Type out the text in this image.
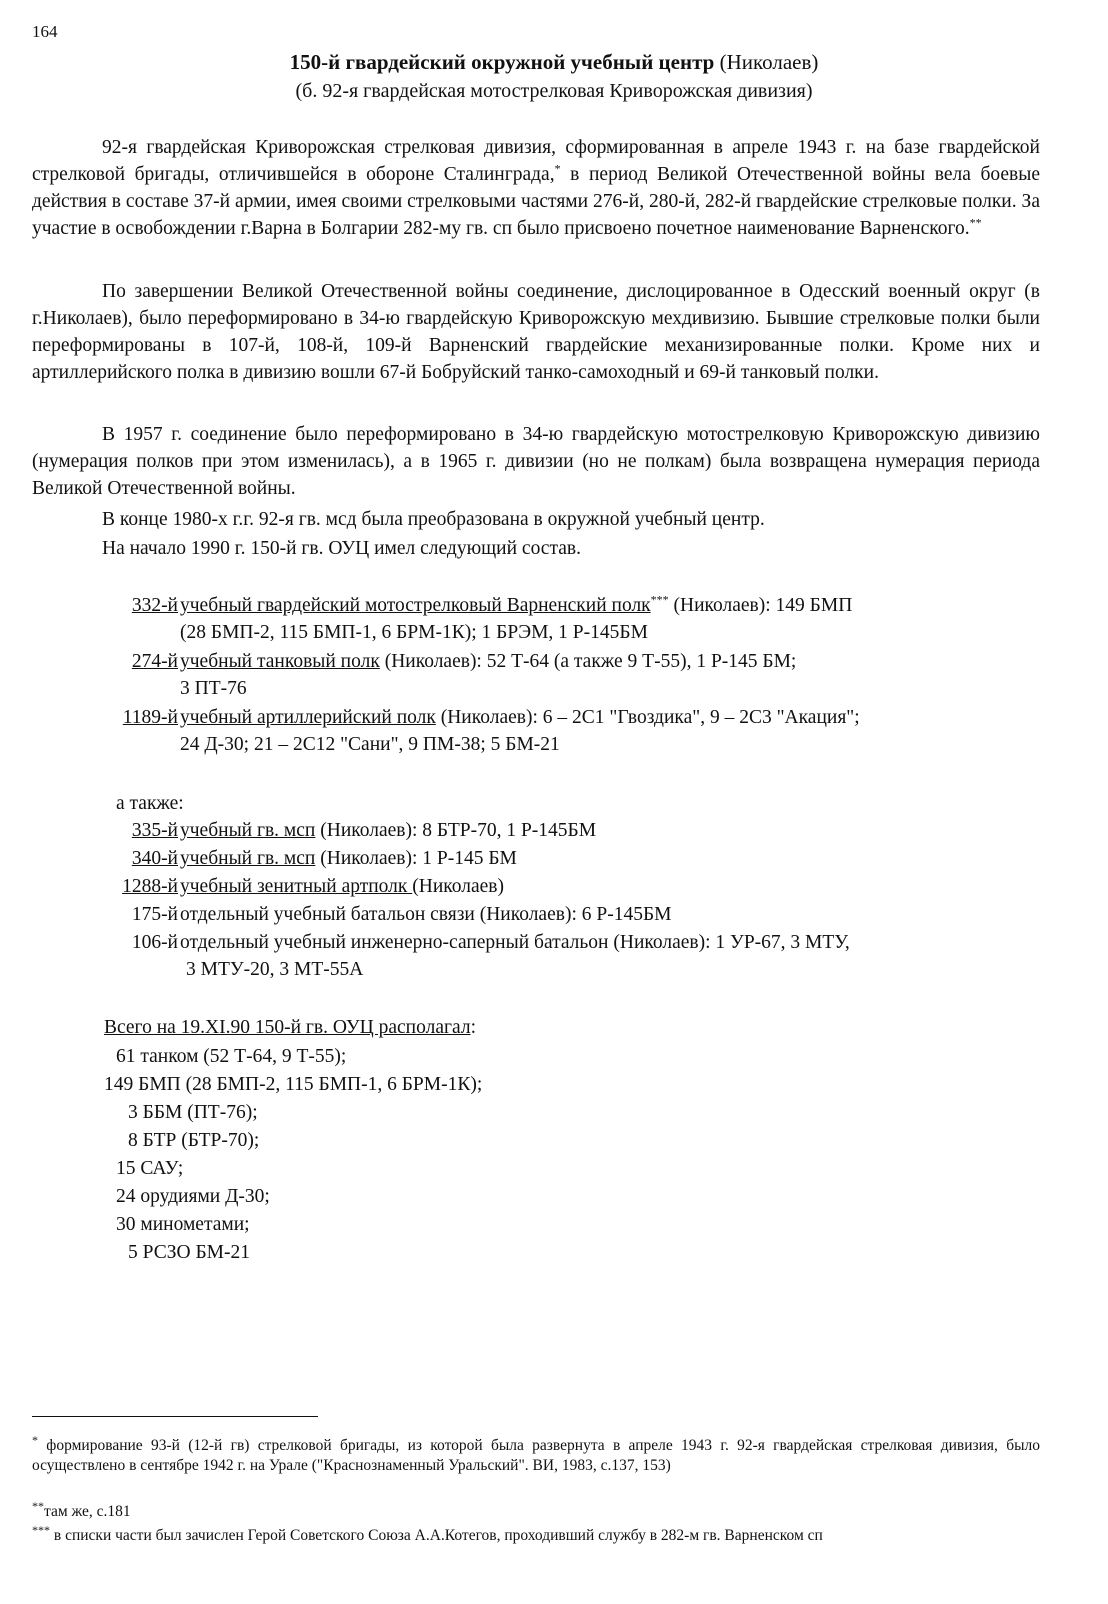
164
150-й гвардейский окружной учебный центр (Николаев)
(б. 92-я гвардейская мотострелковая Криворожская дивизия)

92-я гвардейская Криворожская стрелковая дивизия, сформированная в апреле 1943 г. на базе гвардейской стрелковой бригады, отличившейся в обороне Сталинграда,* в период Великой Отечественной войны вела боевые действия в составе 37-й армии, имея своими стрелковыми частями 276-й, 280-й, 282-й гвардейские стрелковые полки. За участие в освобождении г.Варна в Болгарии 282-му гв. сп было присвоено почетное наименование Варненского.**

По завершении Великой Отечественной войны соединение, дислоцированное в Одесский военный округ (в г.Николаев), было переформировано в 34-ю гвардейскую Криворожскую мехдивизию. Бывшие стрелковые полки были переформированы в 107-й, 108-й, 109-й Варненский гвардейские механизированные полки. Кроме них и артиллерийского полка в дивизию вошли 67-й Бобруйский танко-самоходный и 69-й танковый полки.

В 1957 г. соединение было переформировано в 34-ю гвардейскую мотострелковую Криворожскую дивизию (нумерация полков при этом изменилась), а в 1965 г. дивизии (но не полкам) была возвращена нумерация периода Великой Отечественной войны.

В конце 1980-х г.г. 92-я гв. мсд была преобразована в окружной учебный центр.
На начало 1990 г. 150-й гв. ОУЦ имел следующий состав.
332-й учебный гвардейский мотострелковый Варненский полк*** (Николаев): 149 БМП
(28 БМП-2, 115 БМП-1, 6 БРМ-1К); 1 БРЭМ, 1 Р-145БМ
274-й учебный танковый полк (Николаев): 52 Т-64 (а также 9 Т-55), 1 Р-145 БМ;
3 ПТ-76
1189-й учебный артиллерийский полк (Николаев): 6 – 2С1 "Гвоздика", 9 – 2С3 "Акация";
24 Д-30; 21 – 2С12 "Сани", 9 ПМ-38; 5 БМ-21
а также:
335-й учебный гв. мсп (Николаев): 8 БТР-70, 1 Р-145БМ
340-й учебный гв. мсп (Николаев): 1 Р-145 БМ
1288-й учебный зенитный артполк (Николаев)
175-й отдельный учебный батальон связи (Николаев): 6 Р-145БМ
106-й отдельный учебный инженерно-саперный батальон (Николаев): 1 УР-67, 3 МТУ,
3 МТУ-20, 3 МТ-55А
Всего на 19.XI.90 150-й гв. ОУЦ располагал:
61 танком (52 Т-64, 9 Т-55);
149 БМП (28 БМП-2, 115 БМП-1, 6 БРМ-1К);
3 ББМ (ПТ-76);
8 БТР (БТР-70);
15 САУ;
24 орудиями Д-30;
30 минометами;
5 РСЗО БМ-21
* формирование 93-й (12-й гв) стрелковой бригады, из которой была развернута в апреле 1943 г. 92-я гвардейская стрелковая дивизия, было осуществлено в сентябре 1942 г. на Урале ("Краснознаменный Уральский". ВИ, 1983, с.137, 153)
**там же, с.181
*** в списки части был зачислен Герой Советского Союза А.А.Котегов, проходивший службу в 282-м гв. Варненском сп
